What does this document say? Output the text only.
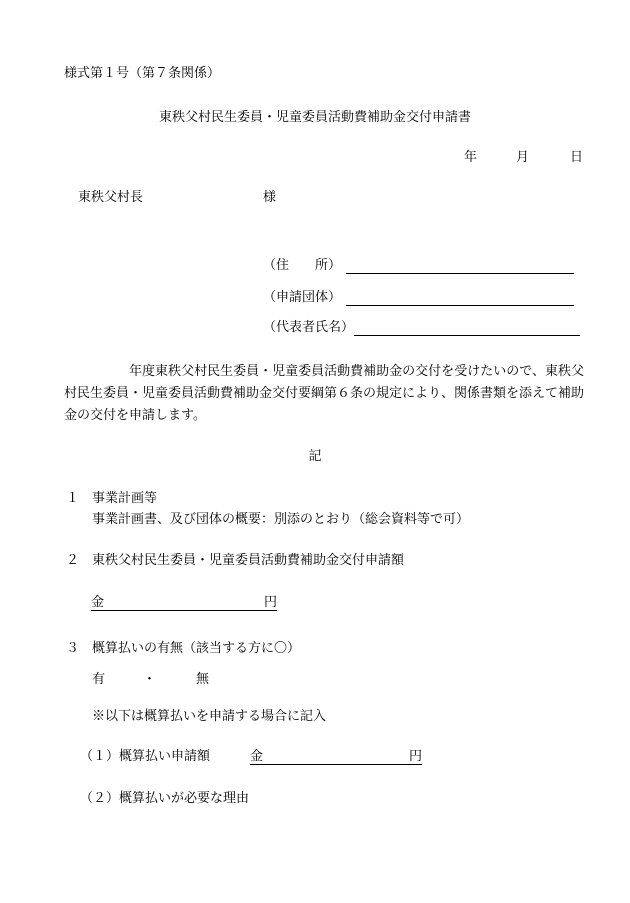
様式第１号（第７条関係）
東秩父村民生委員・児童委員活動費補助金交付申請書
年	月	日
東秩父村長	様
（住　　所）
（申請団体）
（代表者氏名）
　　　　　年度東秩父村民生委員・児童委員活動費補助金の交付を受けたいので、東秩父村民生委員・児童委員活動費補助金交付要綱第６条の規定により、関係書類を添えて補助金の交付を申請します。
記
１ 事業計画等
事業計画書、及び団体の概要：別添のとおり（総会資料等で可）
２ 東秩父村民生委員・児童委員活動費補助金交付申請額
金	円
３ 概算払いの有無（該当する方に〇）
有	・	無
※以下は概算払いを申請する場合に記入
（１）概算払い申請額	金	円
（２）概算払いが必要な理由
